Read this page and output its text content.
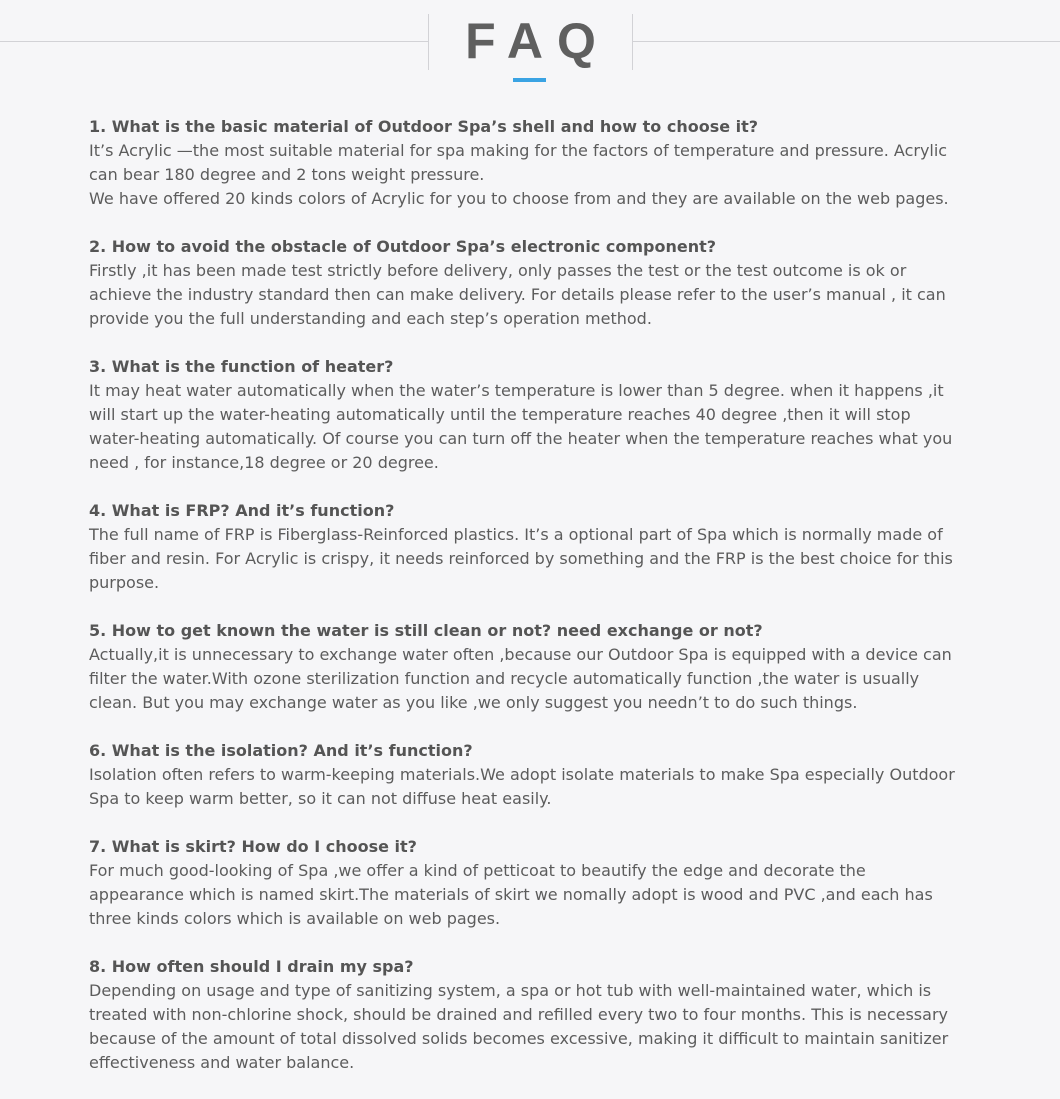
FAQ
1. What is the basic material of Outdoor Spa’s shell and how to choose it?
It’s Acrylic —the most suitable material for spa making for the factors of temperature and pressure. Acrylic can bear 180 degree and 2 tons weight pressure.
We have offered 20 kinds colors of Acrylic for you to choose from and they are available on the web pages.
2. How to avoid the obstacle of Outdoor Spa’s electronic component?
Firstly ,it has been made test strictly before delivery, only passes the test or the test outcome is ok or achieve the industry standard then can make delivery. For details please refer to the user’s manual , it can provide you the full understanding and each step’s operation method.
3. What is the function of heater?
It may heat water automatically when the water’s temperature is lower than 5 degree. when it happens ,it will start up the water-heating automatically until the temperature reaches 40 degree ,then it will stop water-heating automatically. Of course you can turn off the heater when the temperature reaches what you need , for instance,18 degree or 20 degree.
4. What is FRP? And it’s function?
The full name of FRP is Fiberglass-Reinforced plastics. It’s a optional part of Spa which is normally made of fiber and resin. For Acrylic is crispy, it needs reinforced by something and the FRP is the best choice for this purpose.
5. How to get known the water is still clean or not? need exchange or not?
Actually,it is unnecessary to exchange water often ,because our Outdoor Spa is equipped with a device can filter the water.With ozone sterilization function and recycle automatically function ,the water is usually clean. But you may exchange water as you like ,we only suggest you needn’t to do such things.
6. What is the isolation? And it’s function?
Isolation often refers to warm-keeping materials.We adopt isolate materials to make Spa especially Outdoor Spa to keep warm better, so it can not diffuse heat easily.
7. What is skirt? How do I choose it?
For much good-looking of Spa ,we offer a kind of petticoat to beautify the edge and decorate the appearance which is named skirt.The materials of skirt we nomally adopt is wood and PVC ,and each has three kinds colors which is available on web pages.
8. How often should I drain my spa?
Depending on usage and type of sanitizing system, a spa or hot tub with well-maintained water, which is treated with non-chlorine shock, should be drained and refilled every two to four months. This is necessary because of the amount of total dissolved solids becomes excessive, making it difficult to maintain sanitizer effectiveness and water balance.
